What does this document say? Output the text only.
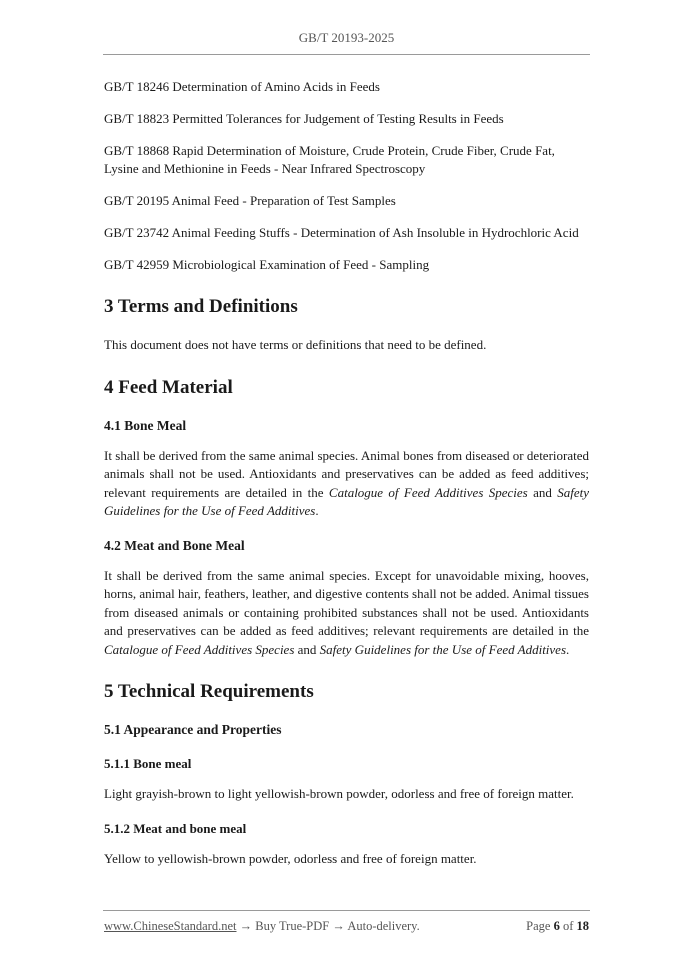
GB/T 20193-2025
GB/T 18246 Determination of Amino Acids in Feeds
GB/T 18823 Permitted Tolerances for Judgement of Testing Results in Feeds
GB/T 18868 Rapid Determination of Moisture, Crude Protein, Crude Fiber, Crude Fat, Lysine and Methionine in Feeds - Near Infrared Spectroscopy
GB/T 20195 Animal Feed - Preparation of Test Samples
GB/T 23742 Animal Feeding Stuffs - Determination of Ash Insoluble in Hydrochloric Acid
GB/T 42959 Microbiological Examination of Feed - Sampling
3 Terms and Definitions

This document does not have terms or definitions that need to be defined.

4 Feed Material
4.1 Bone Meal

It shall be derived from the same animal species. Animal bones from diseased or deteriorated animals shall not be used. Antioxidants and preservatives can be added as feed additives; relevant requirements are detailed in the Catalogue of Feed Additives Species and Safety Guidelines for the Use of Feed Additives.

4.2 Meat and Bone Meal

It shall be derived from the same animal species. Except for unavoidable mixing, hooves, horns, animal hair, feathers, leather, and digestive contents shall not be added. Animal tissues from diseased animals or containing prohibited substances shall not be used. Antioxidants and preservatives can be added as feed additives; relevant requirements are detailed in the Catalogue of Feed Additives Species and Safety Guidelines for the Use of Feed Additives.

5 Technical Requirements
5.1 Appearance and Properties
5.1.1 Bone meal

Light grayish-brown to light yellowish-brown powder, odorless and free of foreign matter.

5.1.2 Meat and bone meal

Yellow to yellowish-brown powder, odorless and free of foreign matter.

www.ChineseStandard.net → Buy True-PDF → Auto-delivery.	Page 6 of 18
